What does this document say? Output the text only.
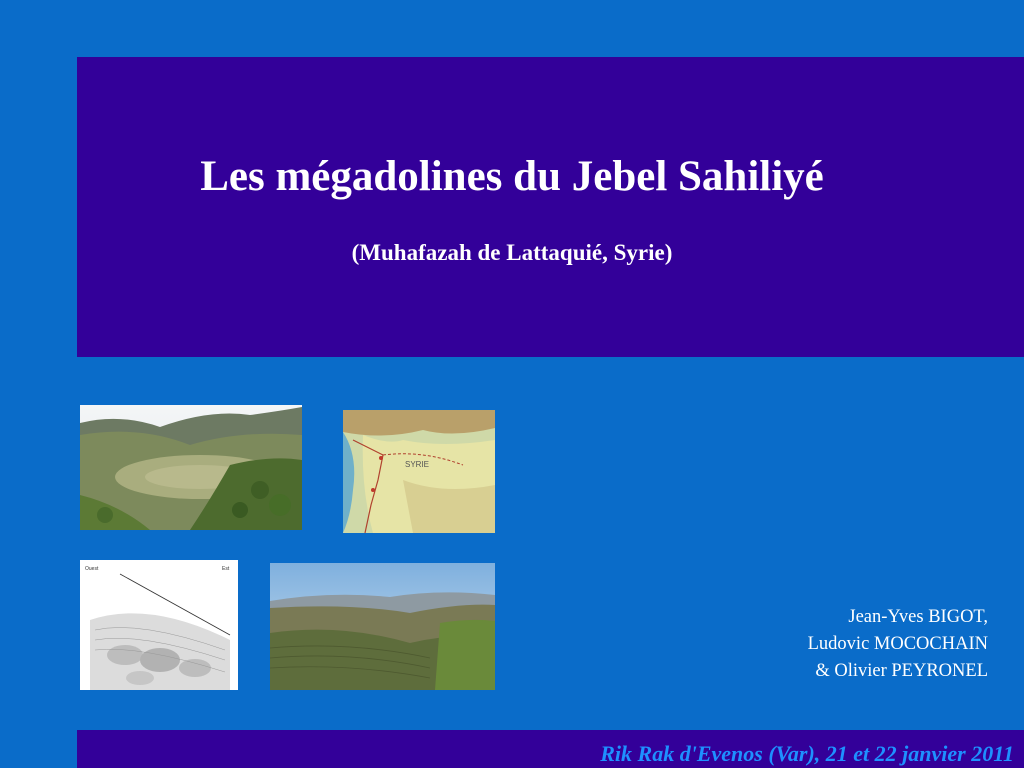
Les mégadolines du Jebel Sahiliyé
(Muhafazah de Lattaquié, Syrie)
SYRIE
Ouest	Est
Jean-Yves BIGOT,
Ludovic MOCOCHAIN
& Olivier PEYRONEL
Rik Rak d'Evenos (Var), 21 et 22 janvier 2011
